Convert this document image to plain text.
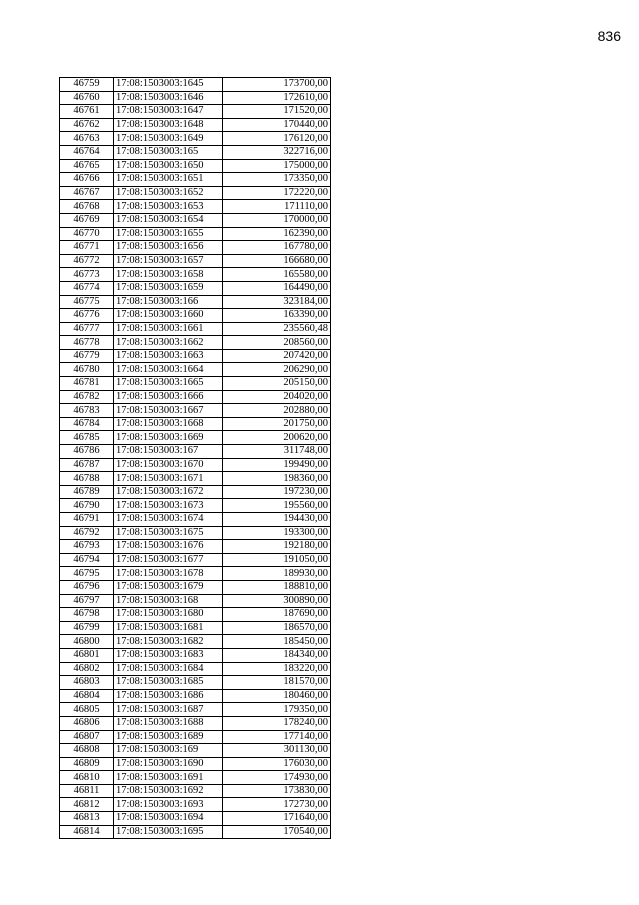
836
46759	17:08:1503003:1645	173700,00
46760	17:08:1503003:1646	172610,00
46761	17:08:1503003:1647	171520,00
46762	17:08:1503003:1648	170440,00
46763	17:08:1503003:1649	176120,00
46764	17:08:1503003:165	322716,00
46765	17:08:1503003:1650	175000,00
46766	17:08:1503003:1651	173350,00
46767	17:08:1503003:1652	172220,00
46768	17:08:1503003:1653	171110,00
46769	17:08:1503003:1654	170000,00
46770	17:08:1503003:1655	162390,00
46771	17:08:1503003:1656	167780,00
46772	17:08:1503003:1657	166680,00
46773	17:08:1503003:1658	165580,00
46774	17:08:1503003:1659	164490,00
46775	17:08:1503003:166	323184,00
46776	17:08:1503003:1660	163390,00
46777	17:08:1503003:1661	235560,48
46778	17:08:1503003:1662	208560,00
46779	17:08:1503003:1663	207420,00
46780	17:08:1503003:1664	206290,00
46781	17:08:1503003:1665	205150,00
46782	17:08:1503003:1666	204020,00
46783	17:08:1503003:1667	202880,00
46784	17:08:1503003:1668	201750,00
46785	17:08:1503003:1669	200620,00
46786	17:08:1503003:167	311748,00
46787	17:08:1503003:1670	199490,00
46788	17:08:1503003:1671	198360,00
46789	17:08:1503003:1672	197230,00
46790	17:08:1503003:1673	195560,00
46791	17:08:1503003:1674	194430,00
46792	17:08:1503003:1675	193300,00
46793	17:08:1503003:1676	192180,00
46794	17:08:1503003:1677	191050,00
46795	17:08:1503003:1678	189930,00
46796	17:08:1503003:1679	188810,00
46797	17:08:1503003:168	300890,00
46798	17:08:1503003:1680	187690,00
46799	17:08:1503003:1681	186570,00
46800	17:08:1503003:1682	185450,00
46801	17:08:1503003:1683	184340,00
46802	17:08:1503003:1684	183220,00
46803	17:08:1503003:1685	181570,00
46804	17:08:1503003:1686	180460,00
46805	17:08:1503003:1687	179350,00
46806	17:08:1503003:1688	178240,00
46807	17:08:1503003:1689	177140,00
46808	17:08:1503003:169	301130,00
46809	17:08:1503003:1690	176030,00
46810	17:08:1503003:1691	174930,00
46811	17:08:1503003:1692	173830,00
46812	17:08:1503003:1693	172730,00
46813	17:08:1503003:1694	171640,00
46814	17:08:1503003:1695	170540,00
